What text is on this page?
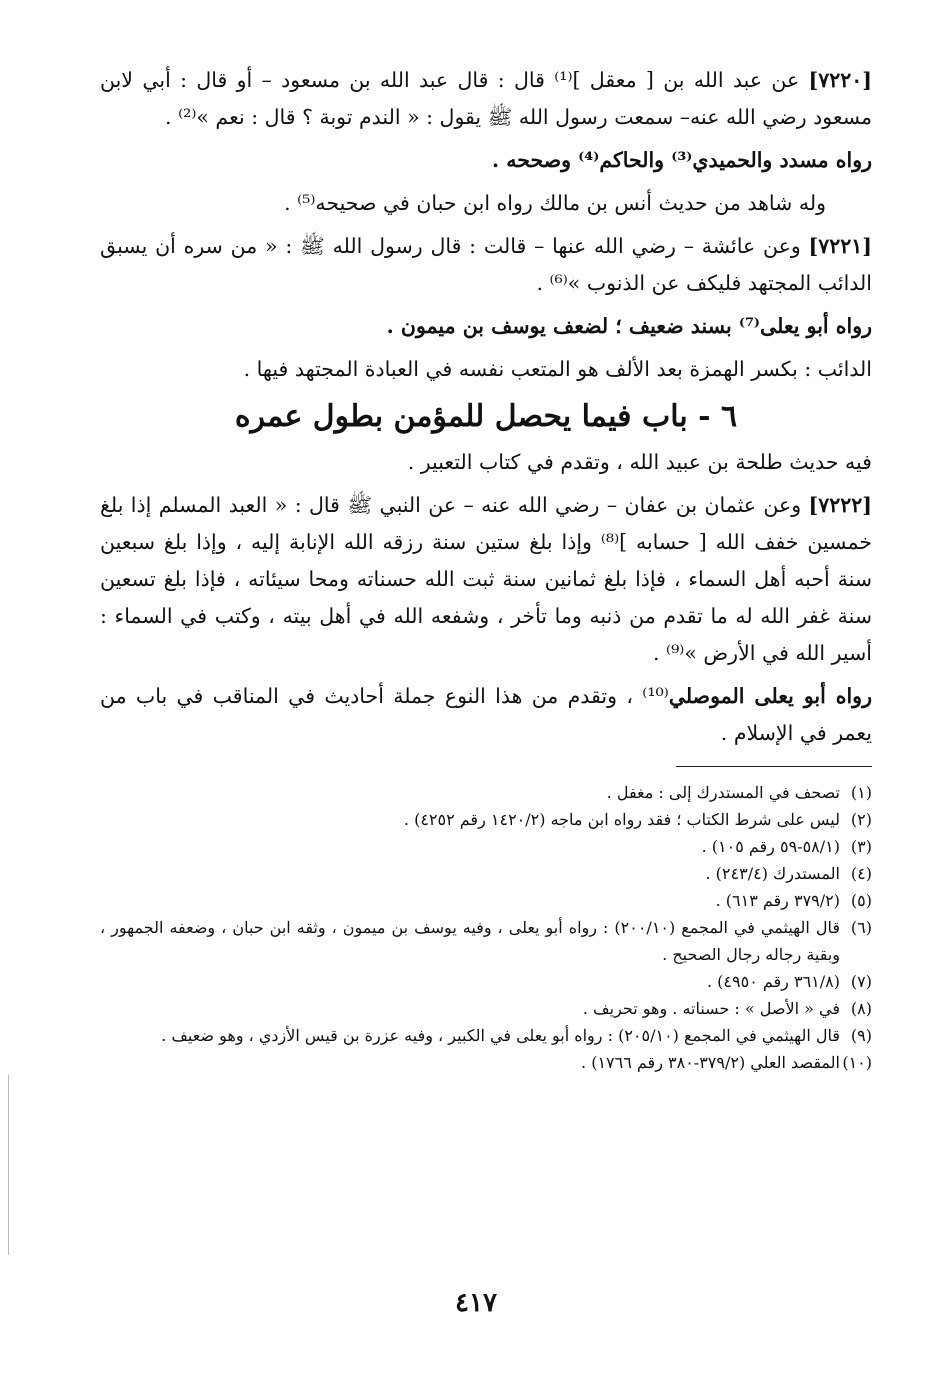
[٧٢٢٠] عن عبد الله بن [ معقل ]⁽¹⁾ قال : قال عبد الله بن مسعود – أو قال : أبي لابن مسعود رضي الله عنه– سمعت رسول الله ﷺ يقول : « الندم توبة ؟ قال : نعم »⁽²⁾ .

رواه مسدد والحميدي⁽³⁾ والحاكم⁽⁴⁾ وصححه .

وله شاهد من حديث أنس بن مالك رواه ابن حبان في صحيحه⁽⁵⁾ .

[٧٢٢١] وعن عائشة – رضي الله عنها – قالت : قال رسول الله ﷺ : « من سره أن يسبق الدائب المجتهد فليكف عن الذنوب »⁽⁶⁾ .

رواه أبو يعلى⁽⁷⁾ بسند ضعيف ؛ لضعف يوسف بن ميمون .

الدائب : بكسر الهمزة بعد الألف هو المتعب نفسه في العبادة المجتهد فيها .

٦ - باب فيما يحصل للمؤمن بطول عمره

فيه حديث طلحة بن عبيد الله ، وتقدم في كتاب التعبير .

[٧٢٢٢] وعن عثمان بن عفان – رضي الله عنه – عن النبي ﷺ قال : « العبد المسلم إذا بلغ خمسين خفف الله [ حسابه ]⁽⁸⁾ وإذا بلغ ستين سنة رزقه الله الإنابة إليه ، وإذا بلغ سبعين سنة أحبه أهل السماء ، فإذا بلغ ثمانين سنة ثبت الله حسناته ومحا سيئاته ، فإذا بلغ تسعين سنة غفر الله له ما تقدم من ذنبه وما تأخر ، وشفعه الله في أهل بيته ، وكتب في السماء : أسير الله في الأرض »⁽⁹⁾ .

رواه أبو يعلى الموصلي⁽¹⁰⁾ ، وتقدم من هذا النوع جملة أحاديث في المناقب في باب من يعمر في الإسلام .

(١)
تصحف في المستدرك إلى : مغفل .
(٢)
ليس على شرط الكتاب ؛ فقد رواه ابن ماجه (١٤٢٠/٢ رقم ٤٢٥٢) .
(٣)
(٥٨/١-٥٩ رقم ١٠٥) .
(٤)
المستدرك (٢٤٣/٤) .
(٥)
(٣٧٩/٢ رقم ٦١٣) .
(٦)
قال الهيثمي في المجمع (٢٠٠/١٠) : رواه أبو يعلى ، وفيه يوسف بن ميمون ، وثقه ابن حبان ، وضعفه الجمهور ، وبقية رجاله رجال الصحيح .
(٧)
(٣٦١/٨ رقم ٤٩٥٠) .
(٨)
في « الأصل » : حسناته . وهو تحريف .
(٩)
قال الهيثمي في المجمع (٢٠٥/١٠) : رواه أبو يعلى في الكبير ، وفيه عزرة بن قيس الأزدي ، وهو ضعيف .
(١٠)
المقصد العلي (٣٧٩/٢-٣٨٠ رقم ١٧٦٦) .
٤١٧
